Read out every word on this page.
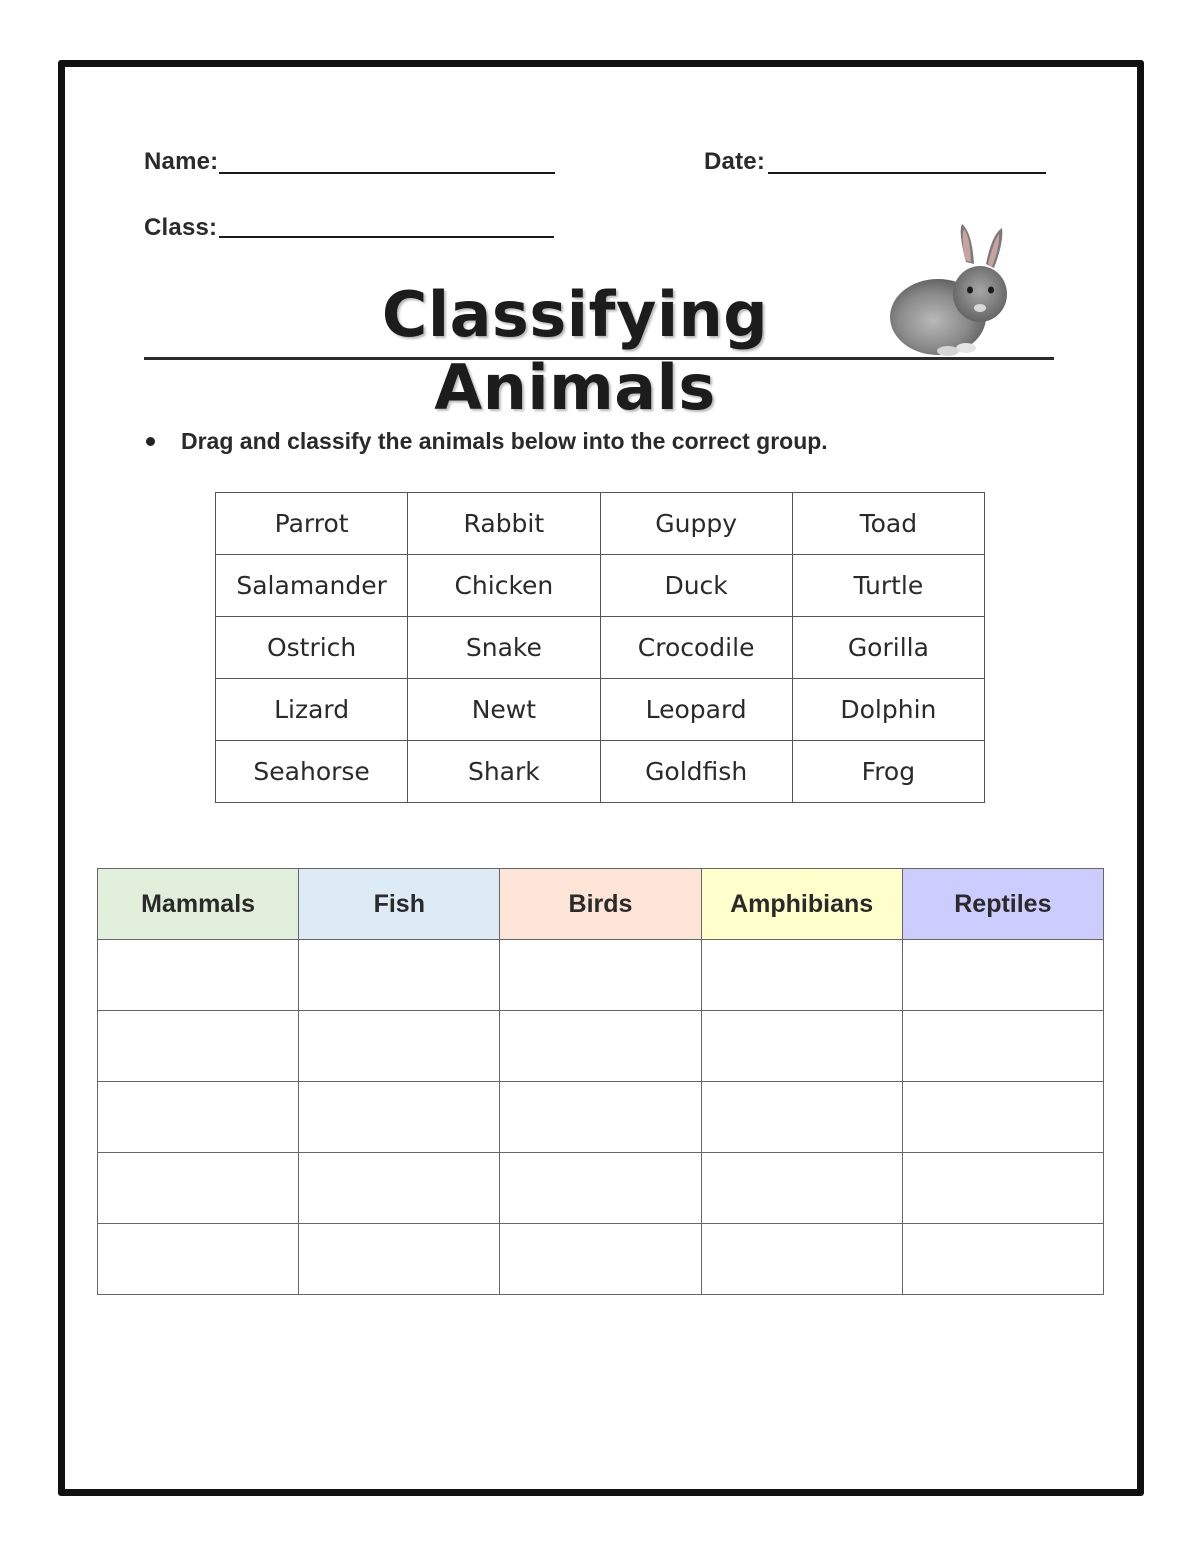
Name:	Date:
Class:
Classifying Animals
Drag and classify the animals below into the correct group.
Parrot	Rabbit	Guppy	Toad
Salamander	Chicken	Duck	Turtle
Ostrich	Snake	Crocodile	Gorilla
Lizard	Newt	Leopard	Dolphin
Seahorse	Shark	Goldfish	Frog
Mammals	Fish	Birds	Amphibians	Reptiles
